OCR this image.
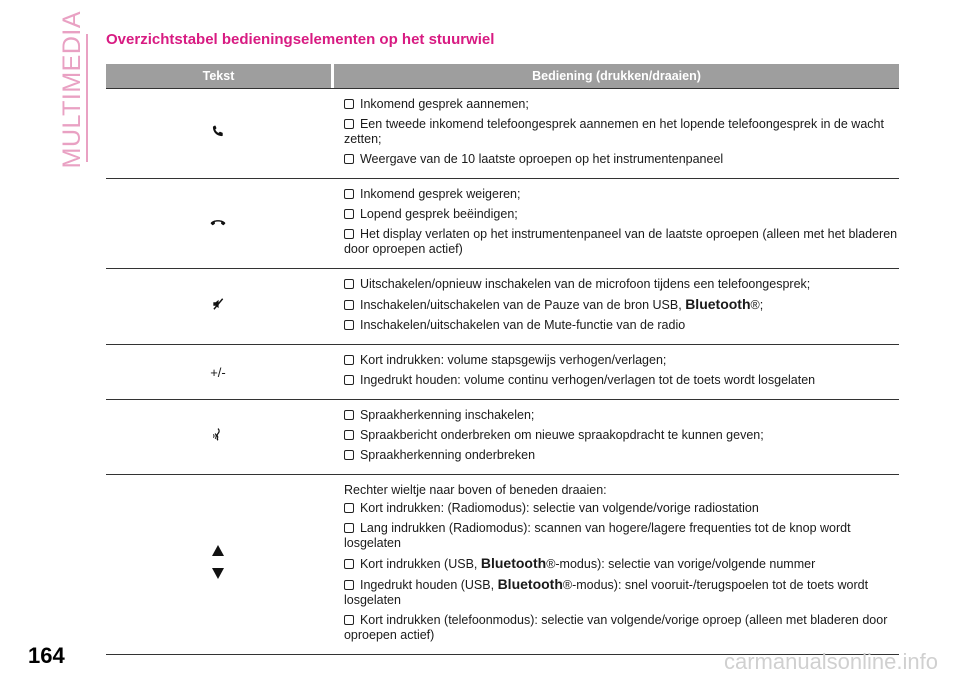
MULTIMEDIA Overzichtstabel bedieningselementen op het stuurwiel
Tekst	Bediening (drukken/draaien)
Inkomend gesprek aannemen;
Een tweede inkomend telefoongesprek aannemen en het lopende telefoongesprek in de wacht zetten;
Weergave van de 10 laatste oproepen op het instrumentenpaneel
Inkomend gesprek weigeren;
Lopend gesprek beëindigen;
Het display verlaten op het instrumentenpaneel van de laatste oproepen (alleen met het bladeren door oproepen actief)
Uitschakelen/opnieuw inschakelen van de microfoon tijdens een telefoongesprek;
Inschakelen/uitschakelen van de Pauze van de bron USB, Bluetooth®;
Inschakelen/uitschakelen van de Mute-functie van de radio
+/-
Kort indrukken: volume stapsgewijs verhogen/verlagen;
Ingedrukt houden: volume continu verhogen/verlagen tot de toets wordt losgelaten
Spraakherkenning inschakelen;
Spraakbericht onderbreken om nieuwe spraakopdracht te kunnen geven;
Spraakherkenning onderbreken
Rechter wieltje naar boven of beneden draaien:
Kort indrukken: (Radiomodus): selectie van volgende/vorige radiostation
Lang indrukken (Radiomodus): scannen van hogere/lagere frequenties tot de knop wordt losgelaten
Kort indrukken (USB, Bluetooth®-modus): selectie van vorige/volgende nummer
Ingedrukt houden (USB, Bluetooth®-modus): snel vooruit-/terugspoelen tot de toets wordt losgelaten
Kort indrukken (telefoonmodus): selectie van volgende/vorige oproep (alleen met bladeren door oproepen actief)
164	carmanualsonline.info
